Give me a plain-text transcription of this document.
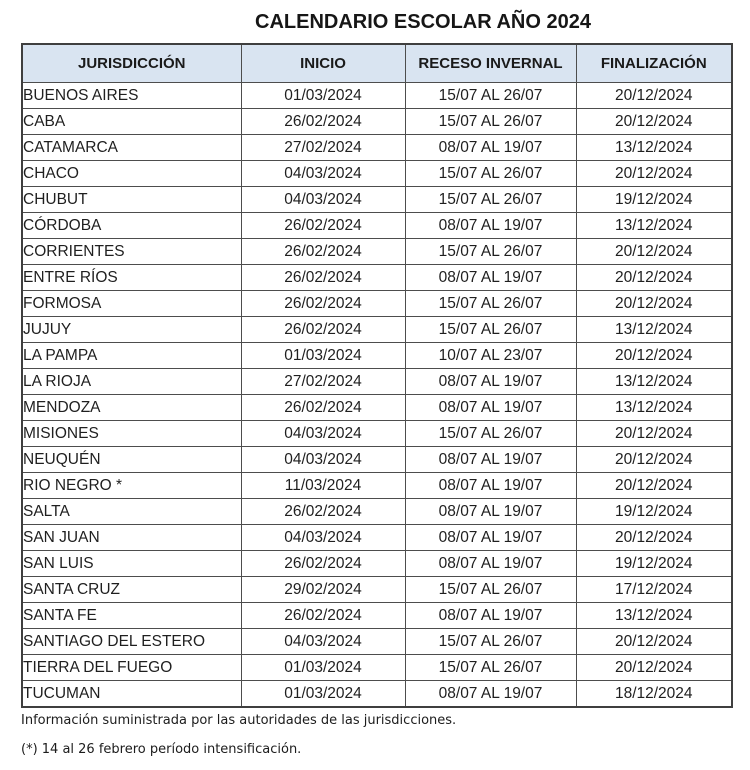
CALENDARIO ESCOLAR AÑO 2024
JURISDICCIÓN	INICIO	RECESO INVERNAL	FINALIZACIÓN
BUENOS AIRES	01/03/2024	15/07 AL 26/07	20/12/2024
CABA	26/02/2024	15/07 AL 26/07	20/12/2024
CATAMARCA	27/02/2024	08/07 AL 19/07	13/12/2024
CHACO	04/03/2024	15/07 AL 26/07	20/12/2024
CHUBUT	04/03/2024	15/07 AL 26/07	19/12/2024
CÓRDOBA	26/02/2024	08/07 AL 19/07	13/12/2024
CORRIENTES	26/02/2024	15/07 AL 26/07	20/12/2024
ENTRE RÍOS	26/02/2024	08/07 AL 19/07	20/12/2024
FORMOSA	26/02/2024	15/07 AL 26/07	20/12/2024
JUJUY	26/02/2024	15/07 AL 26/07	13/12/2024
LA PAMPA	01/03/2024	10/07 AL 23/07	20/12/2024
LA RIOJA	27/02/2024	08/07 AL 19/07	13/12/2024
MENDOZA	26/02/2024	08/07 AL 19/07	13/12/2024
MISIONES	04/03/2024	15/07 AL 26/07	20/12/2024
NEUQUÉN	04/03/2024	08/07 AL 19/07	20/12/2024
RIO NEGRO *	11/03/2024	08/07 AL 19/07	20/12/2024
SALTA	26/02/2024	08/07 AL 19/07	19/12/2024
SAN JUAN	04/03/2024	08/07 AL 19/07	20/12/2024
SAN LUIS	26/02/2024	08/07 AL 19/07	19/12/2024
SANTA CRUZ	29/02/2024	15/07 AL 26/07	17/12/2024
SANTA FE	26/02/2024	08/07 AL 19/07	13/12/2024
SANTIAGO DEL ESTERO	04/03/2024	15/07 AL 26/07	20/12/2024
TIERRA DEL FUEGO	01/03/2024	15/07 AL 26/07	20/12/2024
TUCUMAN	01/03/2024	08/07 AL 19/07	18/12/2024
Información suministrada por las autoridades de las jurisdicciones.
(*) 14 al 26 febrero período intensificación.
